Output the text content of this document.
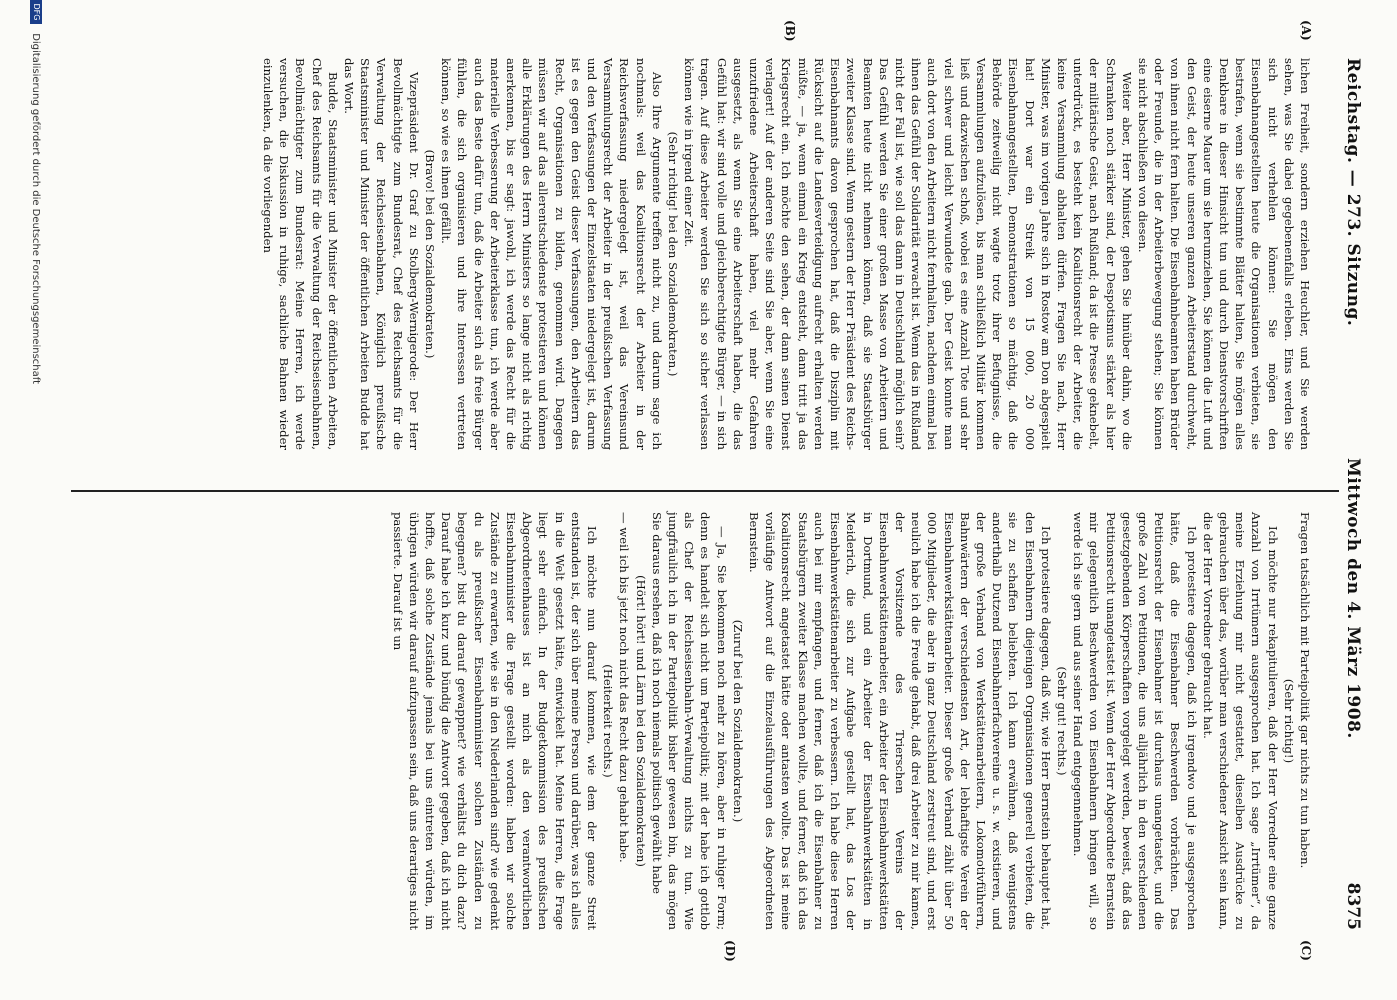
Reichstag. — 273. Sitzung.
Mittwoch den 4. März 1908.
8375
(A)
(B)
(C)
(D)

lichen Freiheit, sondern erziehen Heuchler, und Sie werden sehen, was Sie dabei gegebenenfalls erleben. Eins werden Sie sich nicht verhehlen können: Sie mögen den Eisenbahnangestellten heute die Organisationen verbieten, sie bestrafen, wenn sie bestimmte Blätter halten, Sie mögen alles Denkbare in dieser Hinsicht tun und durch Dienstvorschriften eine eiserne Mauer um sie herumziehen, Sie können die Luft und den Geist, der heute unseren ganzen Arbeiterstand durchweht, von ihnen nicht fern halten. Die Eisenbahnbeamten haben Brüder oder Freunde, die in der Arbeiterbewegung stehen; Sie können sie nicht abschließen von diesen.

Weiter aber, Herr Minister, gehen Sie hinüber dahin, wo die Schranken noch stärker sind, der Despotismus stärker als hier der militärische Geist, nach Rußland; da ist die Presse geknebelt, unterdrückt, es besteht kein Koalitionsrecht der Arbeiter, die keine Versammlung abhalten dürfen. Fragen Sie nach, Herr Minister, was im vorigen Jahre sich in Rostow am Don abgespielt hat! Dort war ein Streik von 15 000, 20 000 Eisenbahnangestellten, Demonstrationen so mächtig, daß die Behörde zeitweilig nicht wagte trotz ihrer Befugnisse, die Versammlungen aufzulösen, bis man schließlich Militär kommen ließ und dazwischen schoß, wobei es eine Anzahl Tote und sehr viel schwer und leicht Verwundete gab. Der Geist konnte man auch dort von den Arbeitern nicht fernhalten, nachdem einmal bei ihnen das Gefühl der Solidarität erwacht ist. Wenn das in Rußland nicht der Fall ist, wie soll das dann in Deutschland möglich sein? Das Gefühl werden Sie einer großen Masse von Arbeitern und Beamten heute nicht nehmen können, daß sie Staatsbürger zweiter Klasse sind. Wenn gestern der Herr Präsident des Reichs-Eisenbahnamts davon gesprochen hat, daß die Disziplin mit Rücksicht auf die Landesverteidigung aufrecht erhalten werden müßte, — ja, wenn einmal ein Krieg entsteht, dann tritt ja das Kriegsrecht ein. Ich möchte den sehen, der dann seinen Dienst verlagert! Auf der anderen Seite sind Sie aber, wenn Sie eine unzufriedene Arbeiterschaft haben, viel mehr Gefahren ausgesetzt, als wenn Sie eine Arbeiterschaft haben, die das Gefühl hat: wir sind volle und gleichberechtigte Bürger, — in sich tragen. Auf diese Arbeiter werden Sie sich so sicher verlassen können wie in irgend einer Zeit.

(Sehr richtig! bei den Sozialdemokraten.)

Also Ihre Argumente treffen nicht zu, und darum sage ich nochmals: weil das Koalitionsrecht der Arbeiter in der Reichsverfassung niedergelegt ist, weil das Vereinsund Versammlungsrecht der Arbeiter in der preußischen Verfassung und den Verfassungen der Einzelstaaten niedergelegt ist, darum ist es gegen den Geist dieser Verfassungen, den Arbeitern das Recht, Organisationen zu bilden, genommen wird. Dagegen müssen wir auf das allerentschiedenste protestieren und können alle Erklärungen des Herrn Ministers so lange nicht als richtig anerkennen, bis er sagt: jawohl, ich werde das Recht für die materielle Verbesserung der Arbeiterklasse tun, ich werde aber auch das Beste dafür tun, daß die Arbeiter sich als freie Bürger fühlen, die sich organisieren und ihre Interessen vertreten können, so wie es ihnen gefällt.

(Bravo! bei den Sozialdemokraten.)

Vizepräsident Dr. Graf zu Stolberg-Wernigerode: Der Herr Bevollmächtigte zum Bundesrat, Chef des Reichsamts für die Verwaltung der Reichseisenbahnen, Königlich preußische Staatsminister und Minister der öffentlichen Arbeiten Budde hat das Wort.

Budde, Staatsminister und Minister der öffentlichen Arbeiten, Chef des Reichsamts für die Verwaltung der Reichseisenbahnen, Bevollmächtigter zum Bundesrat: Meine Herren, ich werde versuchen, die Diskussion in ruhige, sachliche Bahnen wieder einzulenken, da die vorliegenden

Fragen tatsächlich mit Parteipolitik gar nichts zu tun haben.

(Sehr richtig!)

Ich möchte nur rekapitulieren, daß der Herr Vorredner eine ganze Anzahl von Irrtümern ausgesprochen hat. Ich sage „Irrtümer“, da meine Erziehung mir nicht gestattet, dieselben Ausdrücke zu gebrauchen über das, worüber man verschiedener Ansicht sein kann, die der Herr Vorredner gebraucht hat.

Ich protestiere dagegen, daß ich irgendwo und je ausgesprochen hätte, daß die Eisenbahner Beschwerden vorbrächten. Das Petitionsrecht der Eisenbahner ist durchaus unangetastet, und die große Zahl von Petitionen, die uns alljährlich in den verschiedenen gesetzgebenden Körperschaften vorgelegt werden, beweist, daß das Petitionsrecht unangetastet ist. Wenn der Herr Abgeordnete Bernstein mir gelegentlich Beschwerden von Eisenbahnern bringen will, so werde ich sie gern und aus seiner Hand entgegennehmen.

(Sehr gut! rechts.)

Ich protestiere dagegen, daß wir, wie Herr Bernstein behauptet hat, den Eisenbahnern diejenigen Organisationen generell verbieten, die sie zu schaffen beliebten. Ich kann erwähnen, daß wenigstens anderthalb Dutzend Eisenbahnerfachvereine u. s. w. existieren, und der große Verband von Werkstättenarbeitern, Lokomotivführern, Bahnwärtern der verschiedensten Art, der lebhaftigste Verein der Eisenbahnwerkstättenarbeiter. Dieser große Verband zählt über 50 000 Mitglieder, die aber in ganz Deutschland zerstreut sind, und erst neulich habe ich die Freude gehabt, daß drei Arbeiter zu mir kamen, der Vorsitzende des Trierschen Vereins der Eisenbahnwerkstättenarbeiter, ein Arbeiter der Eisenbahnwerkstätten in Dortmund, und ein Arbeiter der Eisenbahnwerkstätten in Meiderich, die sich zur Aufgabe gestellt hat, das Los der Eisenbahnwerkstättenarbeiter zu verbessern. Ich habe diese Herren auch bei mir empfangen, und ferner, daß ich die Eisenbahner zu Staatsbürgern zweiter Klasse machen wollte, und ferner, daß ich das Koalitionsrecht angetastet hätte oder antasten wollte. Das ist meine vorläufige Antwort auf die Einzelausführungen des Abgeordneten Bernstein.

(Zuruf bei den Sozialdemokraten.)

— Ja, Sie bekommen noch mehr zu hören, aber in ruhiger Form; denn es handelt sich nicht um Parteipolitik; mit der habe ich gottlob als Chef der Reichseisenbahn-Verwaltung nichts zu tun. Wie jungfräulich ich in der Parteipolitik bisher gewesen bin, das mögen Sie daraus ersehen, daß ich noch niemals politisch gewählt habe

(Hört! hört! und Lärm bei den Sozialdemokraten)

— weil ich bis jetzt noch nicht das Recht dazu gehabt habe.

(Heiterkeit rechts.)

Ich möchte nun darauf kommen, wie dem der ganze Streit entstanden ist, der sich über meine Person und darüber, was ich alles in die Welt gesetzt hätte, entwickelt hat. Meine Herren, die Frage liegt sehr einfach. In der Budgetkommission des preußischen Abgeordnetenhauses ist an mich als den verantwortlichen Eisenbahnminister die Frage gestellt worden: haben wir solche Zustände zu erwarten, wie sie in den Niederlanden sind? wie gedenkt du als preußischer Eisenbahnminister solchen Zuständen zu begegnen? bist du darauf gewappnet? wie verhältst du dich dazu? Darauf habe ich kurz und bündig die Antwort gegeben, daß ich nicht hoffte, daß solche Zustände jemals bei uns eintreten würden, im übrigen würden wir darauf aufzupassen sein, daß uns derartiges nicht passierte. Darauf ist un

DFG Digitalisierung gefördert durch die Deutsche Forschungsgemeinschaft
